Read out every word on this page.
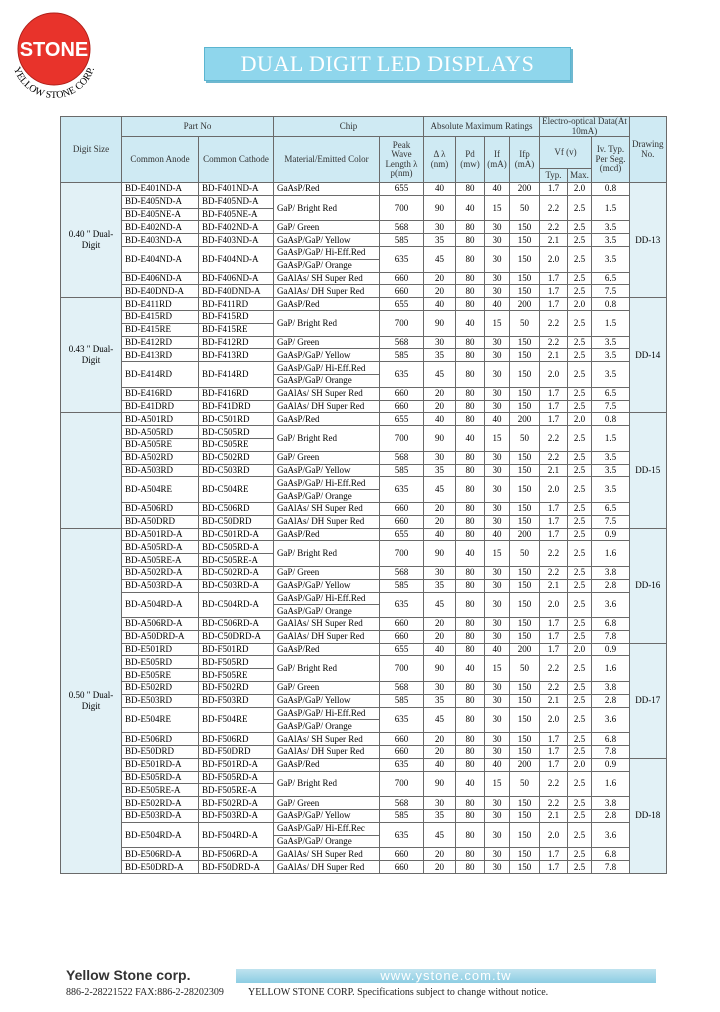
STONE
YELLOW STONE CORP.	DUAL DIGIT LED DISPLAYS
Digit Size	Part No		Chip		Absolute Maximum Ratings				Electro-optical Data(At 10mA)			Drawing No.
	Common Anode	Common Cathode	Material/Emitted Color	Peak Wave Length λ p(nm)	Δ λ (nm)	Pd (mw)	If (mA)	Ifp (mA)	Vf (v)		Iv. Typ. Per Seg. (mcd)	
									Typ.	Max.		
0.40 " Dual-Digit	BD-E401ND-A	BD-F401ND-A	GaAsP/Red	655	40	80	40	200	1.7	2.0	0.8	DD-13
	BD-E405ND-A	BD-F405ND-A	GaP/ Bright Red	700	90	40	15	50	2.2	2.5	1.5	
	BD-E405NE-A	BD-F405NE-A										
	BD-E402ND-A	BD-F402ND-A	GaP/ Green	568	30	80	30	150	2.2	2.5	3.5	
	BD-E403ND-A	BD-F403ND-A	GaAsP/GaP/ Yellow	585	35	80	30	150	2.1	2.5	3.5	
	BD-E404ND-A	BD-F404ND-A	GaAsP/GaP/ Hi-Eff.Red	635	45	80	30	150	2.0	2.5	3.5	
			GaAsP/GaP/ Orange									
	BD-E406ND-A	BD-F406ND-A	GaAlAs/ SH Super Red	660	20	80	30	150	1.7	2.5	6.5	
	BD-E40DND-A	BD-F40DND-A	GaAlAs/ DH Super Red	660	20	80	30	150	1.7	2.5	7.5	
0.43 " Dual-Digit	BD-E411RD	BD-F411RD	GaAsP/Red	655	40	80	40	200	1.7	2.0	0.8	DD-14
	BD-E415RD	BD-F415RD	GaP/ Bright Red	700	90	40	15	50	2.2	2.5	1.5	
	BD-E415RE	BD-F415RE										
	BD-E412RD	BD-F412RD	GaP/ Green	568	30	80	30	150	2.2	2.5	3.5	
	BD-E413RD	BD-F413RD	GaAsP/GaP/ Yellow	585	35	80	30	150	2.1	2.5	3.5	
	BD-E414RD	BD-F414RD	GaAsP/GaP/ Hi-Eff.Red	635	45	80	30	150	2.0	2.5	3.5	
			GaAsP/GaP/ Orange									
	BD-E416RD	BD-F416RD	GaAlAs/ SH Super Red	660	20	80	30	150	1.7	2.5	6.5	
	BD-E41DRD	BD-F41DRD	GaAlAs/ DH Super Red	660	20	80	30	150	1.7	2.5	7.5	
	BD-A501RD	BD-C501RD	GaAsP/Red	655	40	80	40	200	1.7	2.0	0.8	DD-15
	BD-A505RD	BD-C505RD	GaP/ Bright Red	700	90	40	15	50	2.2	2.5	1.5	
	BD-A505RE	BD-C505RE										
	BD-A502RD	BD-C502RD	GaP/ Green	568	30	80	30	150	2.2	2.5	3.5	
	BD-A503RD	BD-C503RD	GaAsP/GaP/ Yellow	585	35	80	30	150	2.1	2.5	3.5	
	BD-A504RE	BD-C504RE	GaAsP/GaP/ Hi-Eff.Red	635	45	80	30	150	2.0	2.5	3.5	
			GaAsP/GaP/ Orange									
	BD-A506RD	BD-C506RD	GaAlAs/ SH Super Red	660	20	80	30	150	1.7	2.5	6.5	
	BD-A50DRD	BD-C50DRD	GaAlAs/ DH Super Red	660	20	80	30	150	1.7	2.5	7.5	
0.50 " Dual-Digit	BD-A501RD-A	BD-C501RD-A	GaAsP/Red	655	40	80	40	200	1.7	2.5	0.9	DD-16
	BD-A505RD-A	BD-C505RD-A	GaP/ Bright Red	700	90	40	15	50	2.2	2.5	1.6	
	BD-A505RE-A	BD-C505RE-A										
	BD-A502RD-A	BD-C502RD-A	GaP/ Green	568	30	80	30	150	2.2	2.5	3.8	
	BD-A503RD-A	BD-C503RD-A	GaAsP/GaP/ Yellow	585	35	80	30	150	2.1	2.5	2.8	
	BD-A504RD-A	BD-C504RD-A	GaAsP/GaP/ Hi-Eff.Red	635	45	80	30	150	2.0	2.5	3.6	
			GaAsP/GaP/ Orange									
	BD-A506RD-A	BD-C506RD-A	GaAlAs/ SH Super Red	660	20	80	30	150	1.7	2.5	6.8	
	BD-A50DRD-A	BD-C50DRD-A	GaAlAs/ DH Super Red	660	20	80	30	150	1.7	2.5	7.8	
	BD-E501RD	BD-F501RD	GaAsP/Red	655	40	80	40	200	1.7	2.0	0.9	DD-17
	BD-E505RD	BD-F505RD	GaP/ Bright Red	700	90	40	15	50	2.2	2.5	1.6	
	BD-E505RE	BD-F505RE										
	BD-E502RD	BD-F502RD	GaP/ Green	568	30	80	30	150	2.2	2.5	3.8	
	BD-E503RD	BD-F503RD	GaAsP/GaP/ Yellow	585	35	80	30	150	2.1	2.5	2.8	
	BD-E504RE	BD-F504RE	GaAsP/GaP/ Hi-Eff.Red	635	45	80	30	150	2.0	2.5	3.6	
			GaAsP/GaP/ Orange									
	BD-E506RD	BD-F506RD	GaAlAs/ SH Super Red	660	20	80	30	150	1.7	2.5	6.8	
	BD-E50DRD	BD-F50DRD	GaAlAs/ DH Super Red	660	20	80	30	150	1.7	2.5	7.8	
	BD-E501RD-A	BD-F501RD-A	GaAsP/Red	635	40	80	40	200	1.7	2.0	0.9	DD-18
	BD-E505RD-A	BD-F505RD-A	GaP/ Bright Red	700	90	40	15	50	2.2	2.5	1.6	
	BD-E505RE-A	BD-F505RE-A										
	BD-E502RD-A	BD-F502RD-A	GaP/ Green	568	30	80	30	150	2.2	2.5	3.8	
	BD-E503RD-A	BD-F503RD-A	GaAsP/GaP/ Yellow	585	35	80	30	150	2.1	2.5	2.8	
	BD-E504RD-A	BD-F504RD-A	GaAsP/GaP/ Hi-Eff.Rec	635	45	80	30	150	2.0	2.5	3.6	
			GaAsP/GaP/ Orange									
	BD-E506RD-A	BD-F506RD-A	GaAlAs/ SH Super Red	660	20	80	30	150	1.7	2.5	6.8	
	BD-E50DRD-A	BD-F50DRD-A	GaAlAs/ DH Super Red	660	20	80	30	150	1.7	2.5	7.8	
Yellow Stone corp.	www.ystone.com.tw
886-2-28221522 FAX:886-2-28202309 YELLOW STONE CORP. Specifications subject to change without notice.
